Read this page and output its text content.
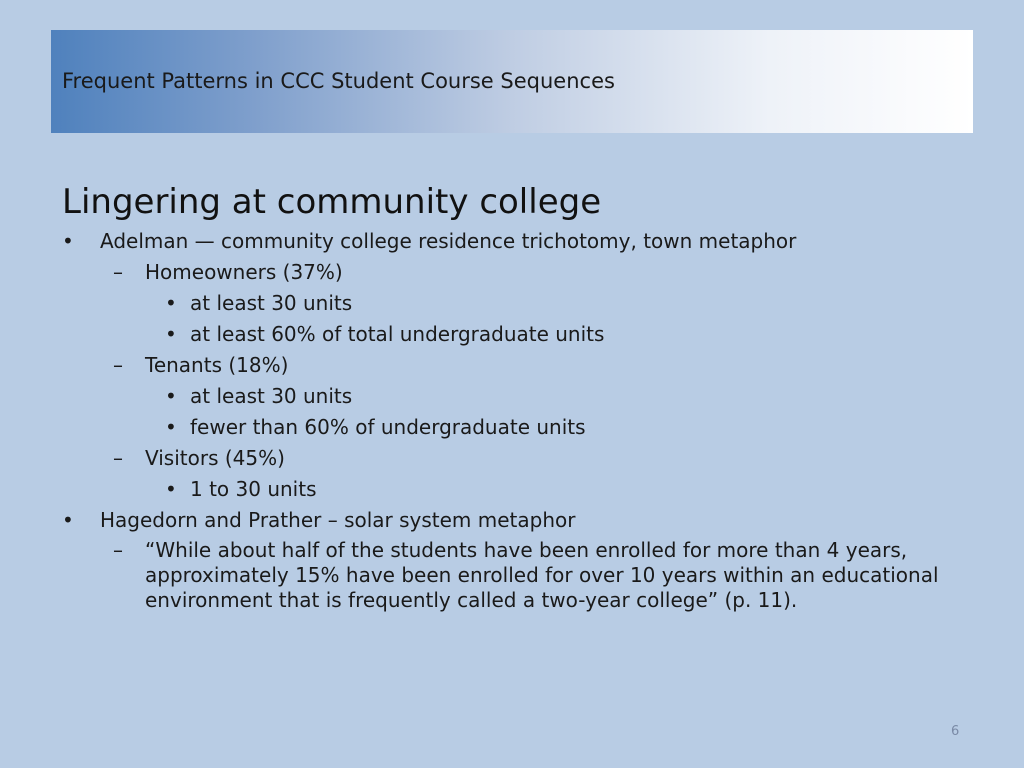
Frequent Patterns in CCC Student Course Sequences
Lingering at community college
• Adelman — community college residence trichotomy, town metaphor
– Homeowners (37%)
• at least 30 units
• at least 60% of total undergraduate units
– Tenants (18%)
• at least 30 units
• fewer than 60% of undergraduate units
– Visitors (45%)
• 1 to 30 units
• Hagedorn and Prather – solar system metaphor
– “While about half of the students have been enrolled for more than 4 years,
approximately 15% have been enrolled for over 10 years within an educational
environment that is frequently called a two-year college” (p. 11).
6
